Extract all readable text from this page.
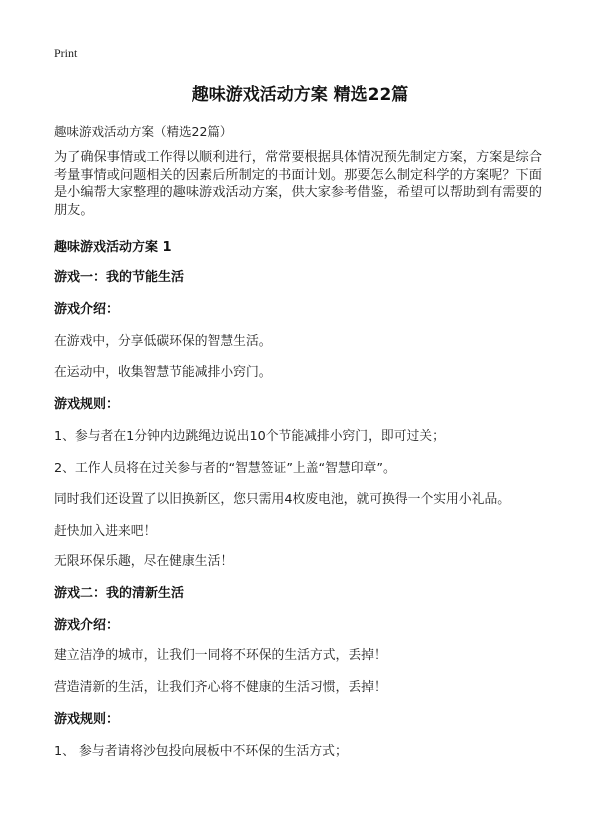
Print
趣味游戏活动方案 精选22篇
趣味游戏活动方案（精选22篇）
为了确保事情或工作得以顺利进行，常常要根据具体情况预先制定方案，方案是综合考量事情或问题相关的因素后所制定的书面计划。那要怎么制定科学的方案呢？下面是小编帮大家整理的趣味游戏活动方案，供大家参考借鉴，希望可以帮助到有需要的朋友。
趣味游戏活动方案 1
游戏一：我的节能生活
游戏介绍：
在游戏中，分享低碳环保的智慧生活。
在运动中，收集智慧节能减排小窍门。
游戏规则：
1、参与者在1分钟内边跳绳边说出10个节能减排小窍门，即可过关；
2、工作人员将在过关参与者的“智慧签证”上盖“智慧印章”。
同时我们还设置了以旧换新区，您只需用4枚废电池，就可换得一个实用小礼品。
赶快加入进来吧！
无限环保乐趣，尽在健康生活！
游戏二：我的清新生活
游戏介绍：
建立洁净的城市，让我们一同将不环保的生活方式，丢掉！
营造清新的生活，让我们齐心将不健康的生活习惯，丢掉！
游戏规则：
1、 参与者请将沙包投向展板中不环保的生活方式；
